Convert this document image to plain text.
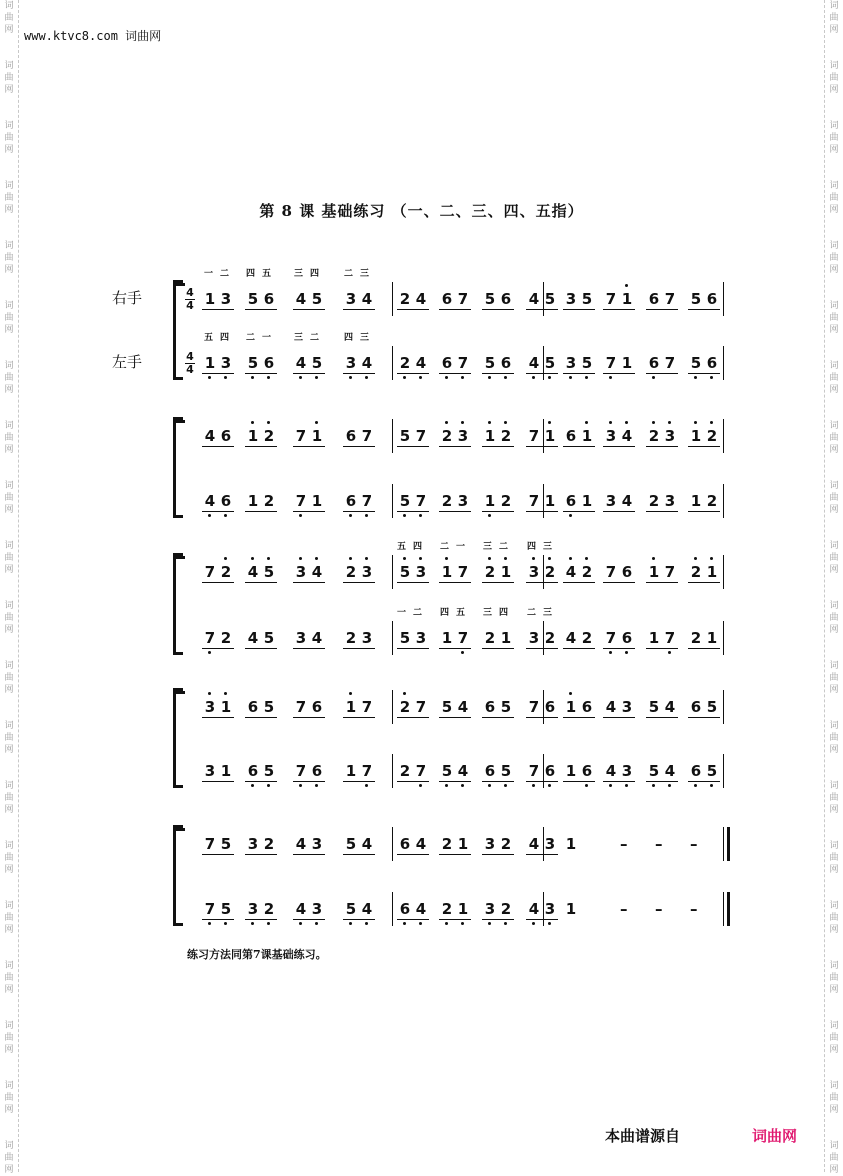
词
曲
网
词
曲
网
词
曲
网
词
曲
网
词
曲
网
词
曲
网
词
曲
网
词
曲
网
词
曲
网
词
曲
网
词
曲
网
词
曲
网
词
曲
网
词
曲
网
词
曲
网
词
曲
网
词
曲
网
词
曲
网
词
曲
网
词
曲
网
词
曲
网
词
曲
网
词
曲
网
词
曲
网
词
曲
网
词
曲
网
词
曲
网
词
曲
网
词
曲
网
词
曲
网
词
曲
网
词
曲
网
词
曲
网
词
曲
网
词
曲
网
词
曲
网
词
曲
网
词
曲
网
词
曲
网
词
曲
网
www.ktvc8.com 词曲网
第 8 课 基础练习 （一、二、三、四、五指）
右手
左手
4
4 1 3 5 6 4 5 3 4 2 4 6 7 5 6 4 5 3 5 7 1 6 7 5 6
4
4 1 3 5 6 4 5 3 4 2 4 6 7 5 6 4 5 3 5 7 1 6 7 5 6
4 6 1 2 7 1 6 7 5 7 2 3 1 2 7 1 6 1 3 4 2 3 1 2
4 6 1 2 7 1 6 7 5 7 2 3 1 2 7 1 6 1 3 4 2 3 1 2
7 2 4 5 3 4 2 3 5 3 1 7 2 1 3 2 4 2 7 6 1 7 2 1
7 2 4 5 3 4 2 3 5 3 1 7 2 1 3 2 4 2 7 6 1 7 2 1
3 1 6 5 7 6 1 7 2 7 5 4 6 5 7 6 1 6 4 3 5 4 6 5
3 1 6 5 7 6 1 7 2 7 5 4 6 5 7 6 1 6 4 3 5 4 6 5
7 5 3 2 4 3 5 4 6 4 2 1 3 2 4 3 1	– – –
7 5 3 2 4 3 5 4 6 4 2 1 3 2 4 3 1	– – –
一 二 四 五	三 四	二 三
五 四 二 一	三 二	四 三
五 四 二 一 三 二 四 三
一 二 四 五 三 四 二 三
练习方法同第7课基础练习。
本曲谱源自	词曲网
